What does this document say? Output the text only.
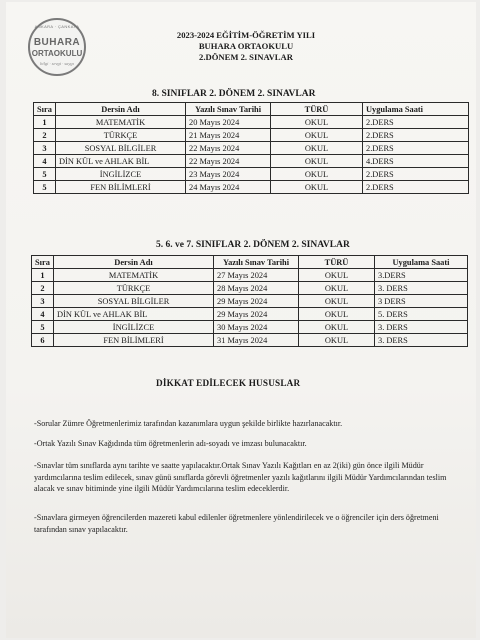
ANKARA · ÇANKAYA
BUHARA
ORTAOKULU
bilgi · sevgi · saygı
2023-2024 EĞİTİM-ÖĞRETİM YILI
BUHARA ORTAOKULU
2.DÖNEM 2. SINAVLAR
8. SINIFLAR 2. DÖNEM 2. SINAVLAR
Sıra	Dersin Adı	Yazılı Sınav Tarihi	TÜRÜ	Uygulama Saati
1	MATEMATİK	20 Mayıs 2024	OKUL	2.DERS
2	TÜRKÇE	21 Mayıs 2024	OKUL	2.DERS
3	SOSYAL BİLGİLER	22 Mayıs 2024	OKUL	2.DERS
4	DİN KÜL ve AHLAK BİL	22 Mayıs 2024	OKUL	4.DERS
5	İNGİLİZCE	23 Mayıs 2024	OKUL	2.DERS
5	FEN BİLİMLERİ	24 Mayıs 2024	OKUL	2.DERS
5. 6. ve 7. SINIFLAR 2. DÖNEM 2. SINAVLAR
Sıra	Dersin Adı	Yazılı Sınav Tarihi	TÜRÜ	Uygulama Saati
1	MATEMATİK	27 Mayıs 2024	OKUL	3.DERS
2	TÜRKÇE	28 Mayıs 2024	OKUL	3. DERS
3	SOSYAL BİLGİLER	29 Mayıs 2024	OKUL	3 DERS
4	DİN KÜL ve AHLAK BİL	29 Mayıs 2024	OKUL	5. DERS
5	İNGİLİZCE	30 Mayıs 2024	OKUL	3. DERS
6	FEN BİLİMLERİ	31 Mayıs 2024	OKUL	3. DERS
DİKKAT EDİLECEK HUSUSLAR
-Sorular Zümre Öğretmenlerimiz tarafından kazanımlara uygun şekilde birlikte hazırlanacaktır.
-Ortak Yazılı Sınav Kağıdında tüm öğretmenlerin adı-soyadı ve imzası bulunacaktır.
-Sınavlar tüm sınıflarda aynı tarihte ve saatte yapılacaktır.Ortak Sınav Yazılı Kağıtları en az 2(iki) gün önce ilgili Müdür yardımcılarına teslim edilecek, sınav günü sınıflarda görevli öğretmenler yazılı kağıtlarını ilgili Müdür Yardımcılarından teslim alacak ve sınav bitiminde yine ilgili Müdür Yardımcılarına teslim edeceklerdir.
-Sınavlara girmeyen öğrencilerden mazereti kabul edilenler öğretmenlere yönlendirilecek ve o öğrenciler için ders öğretmeni tarafından sınav yapılacaktır.
